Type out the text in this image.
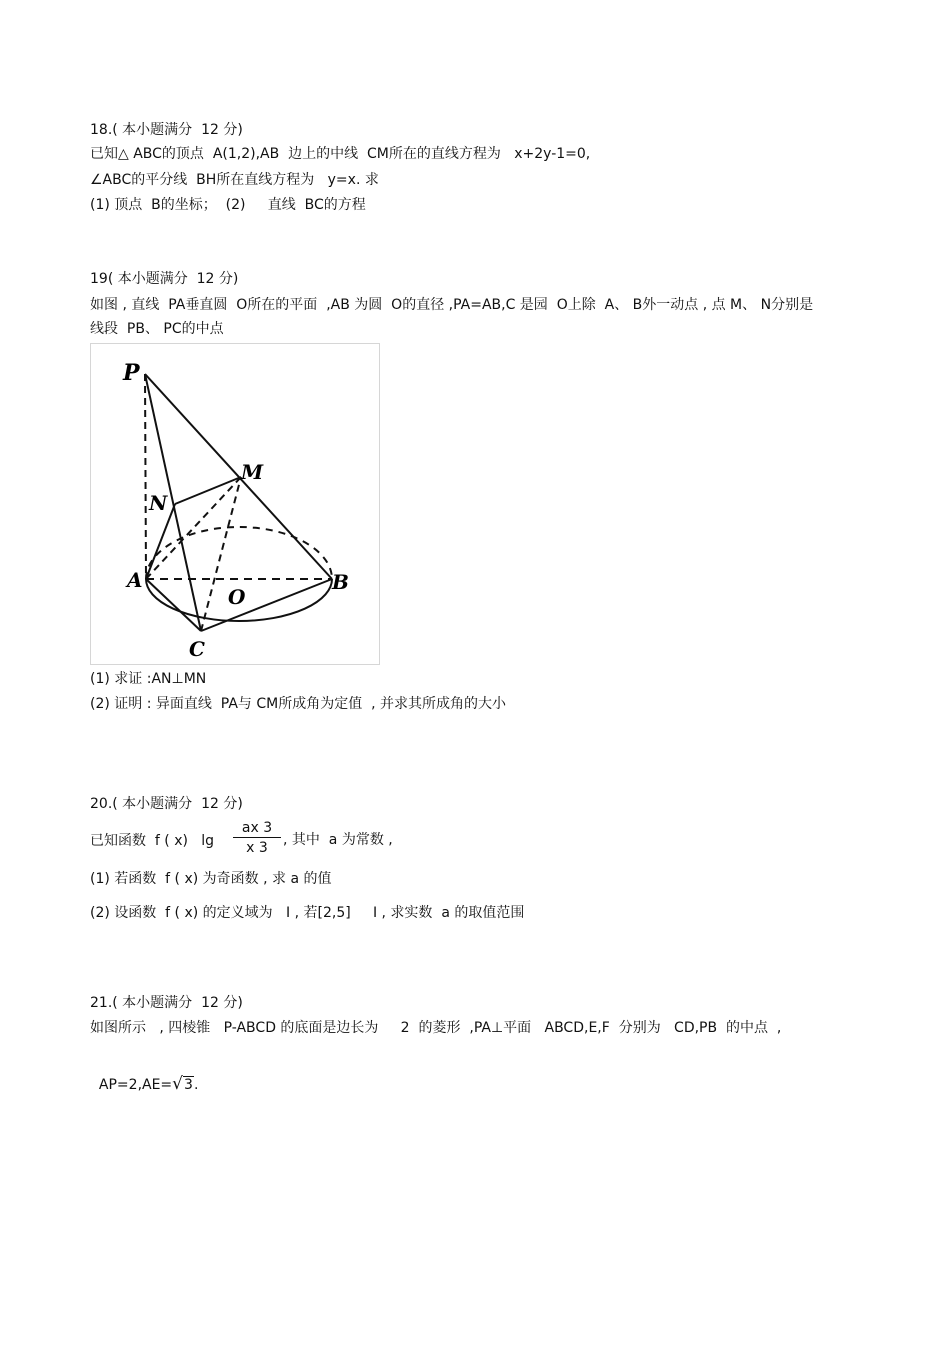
18.( 本小题满分  12 分)
已知△ ABC的顶点  A(1,2),AB  边上的中线  CM所在的直线方程为   x+2y-1=0,
∠ABC的平分线  BH所在直线方程为   y=x. 求
(1) 顶点  B的坐标；  (2)     直线  BC的方程
19( 本小题满分  12 分)
如图 , 直线  PA垂直圆  O所在的平面  ,AB 为圆  O的直径 ,PA=AB,C 是园  O上除  A、 B外一动点 , 点 M、 N分别是
线段  PB、 PC的中点
P
M
N
A
O
B
C
(1) 求证 :AN⊥MN
(2) 证明 : 异面直线  PA与 CM所成角为定值  , 并求其所成角的大小
20.( 本小题满分  12 分)
已知函数  f ( x)   $\lg \frac{ax 3}{x 3}$ , 其中  a 为常数 ,
(1) 若函数  f ( x) 为奇函数 , 求 a 的值
(2) 设函数  f ( x) 的定义域为   I , 若[2,5]     I , 求实数  a 的取值范围
21.( 本小题满分  12 分)
如图所示   , 四棱锥   P-ABCD 的底面是边长为     2  的菱形  ,PA⊥平面   ABCD,E,F  分别为   CD,PB  的中点  ,

AP=2,AE=√3.
